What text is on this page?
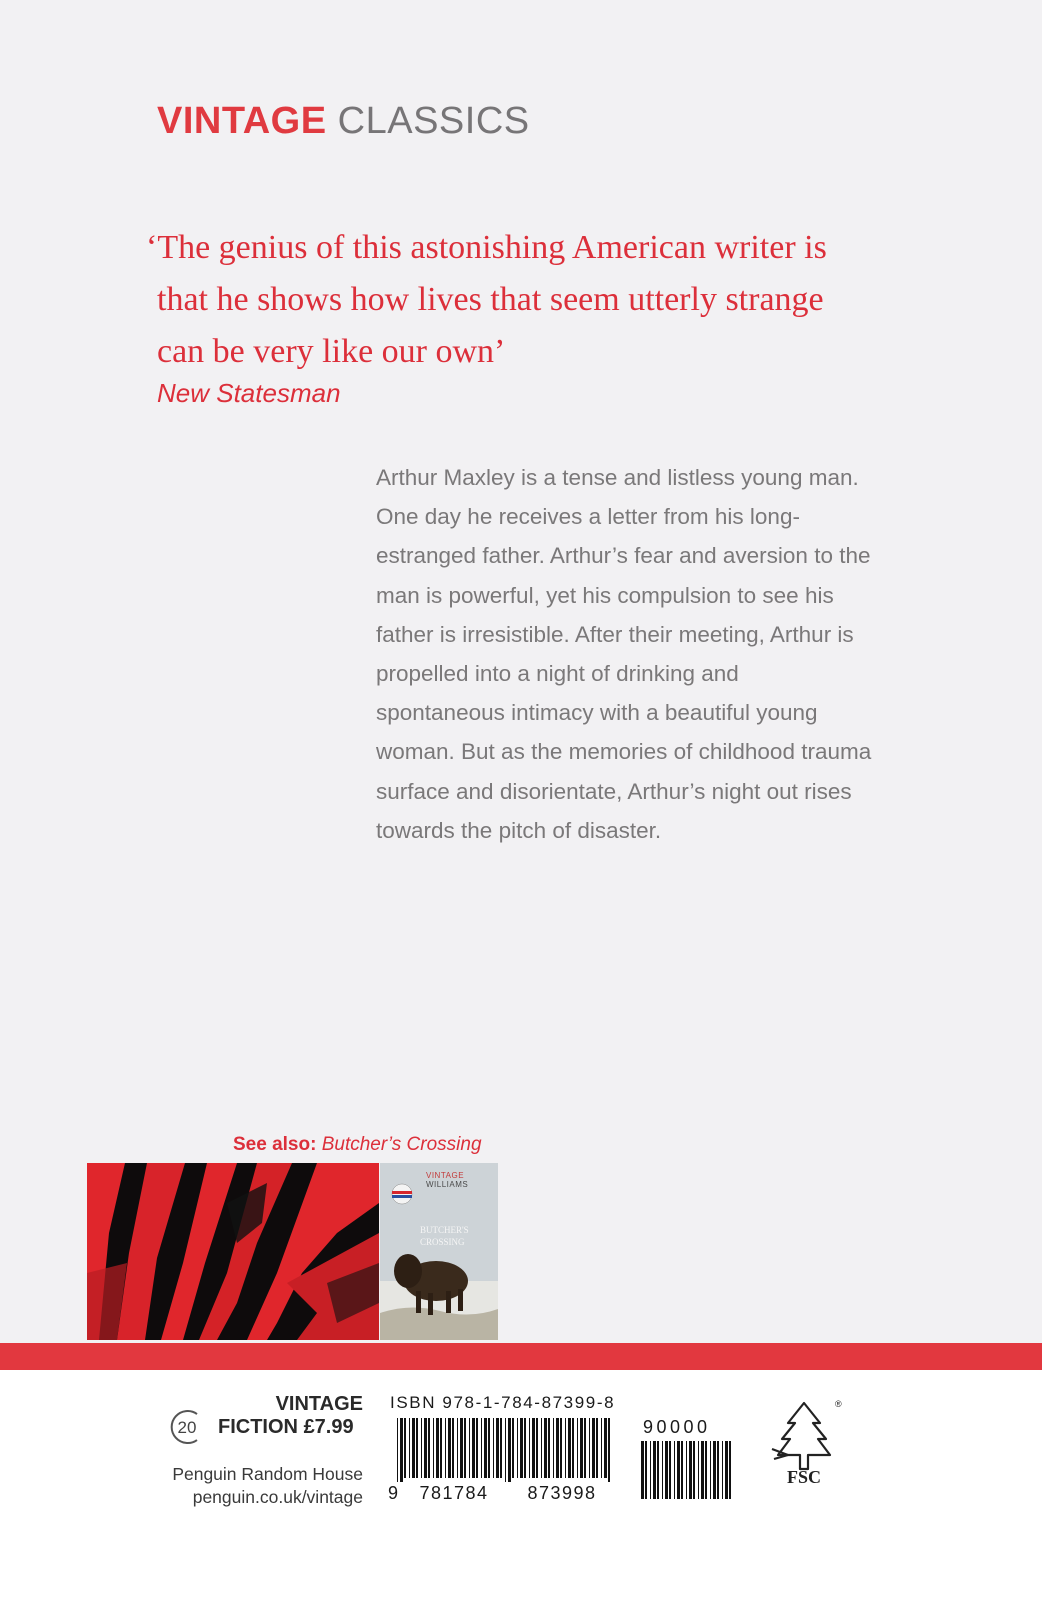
VINTAGE CLASSICS
‘The genius of this astonishing American writer is
that he shows how lives that seem utterly strange
can be very like our own’
New Statesman
Arthur Maxley is a tense and listless young man.
One day he receives a letter from his long-
estranged father. Arthur’s fear and aversion to the
man is powerful, yet his compulsion to see his
father is irresistible. After their meeting, Arthur is
propelled into a night of drinking and
spontaneous intimacy with a beautiful young
woman. But as the memories of childhood trauma
surface and disorientate, Arthur’s night out rises
towards the pitch of disaster.
See also: Butcher’s Crossing
BUTCHER'S
CROSSING
VINTAGE WILLIAMS
VINTAGE
20 FICTION £7.99
Penguin Random House
penguin.co.uk/vintage
ISBN 978-1-784-87399-8
9 781784 873998
90000
®
FSC
